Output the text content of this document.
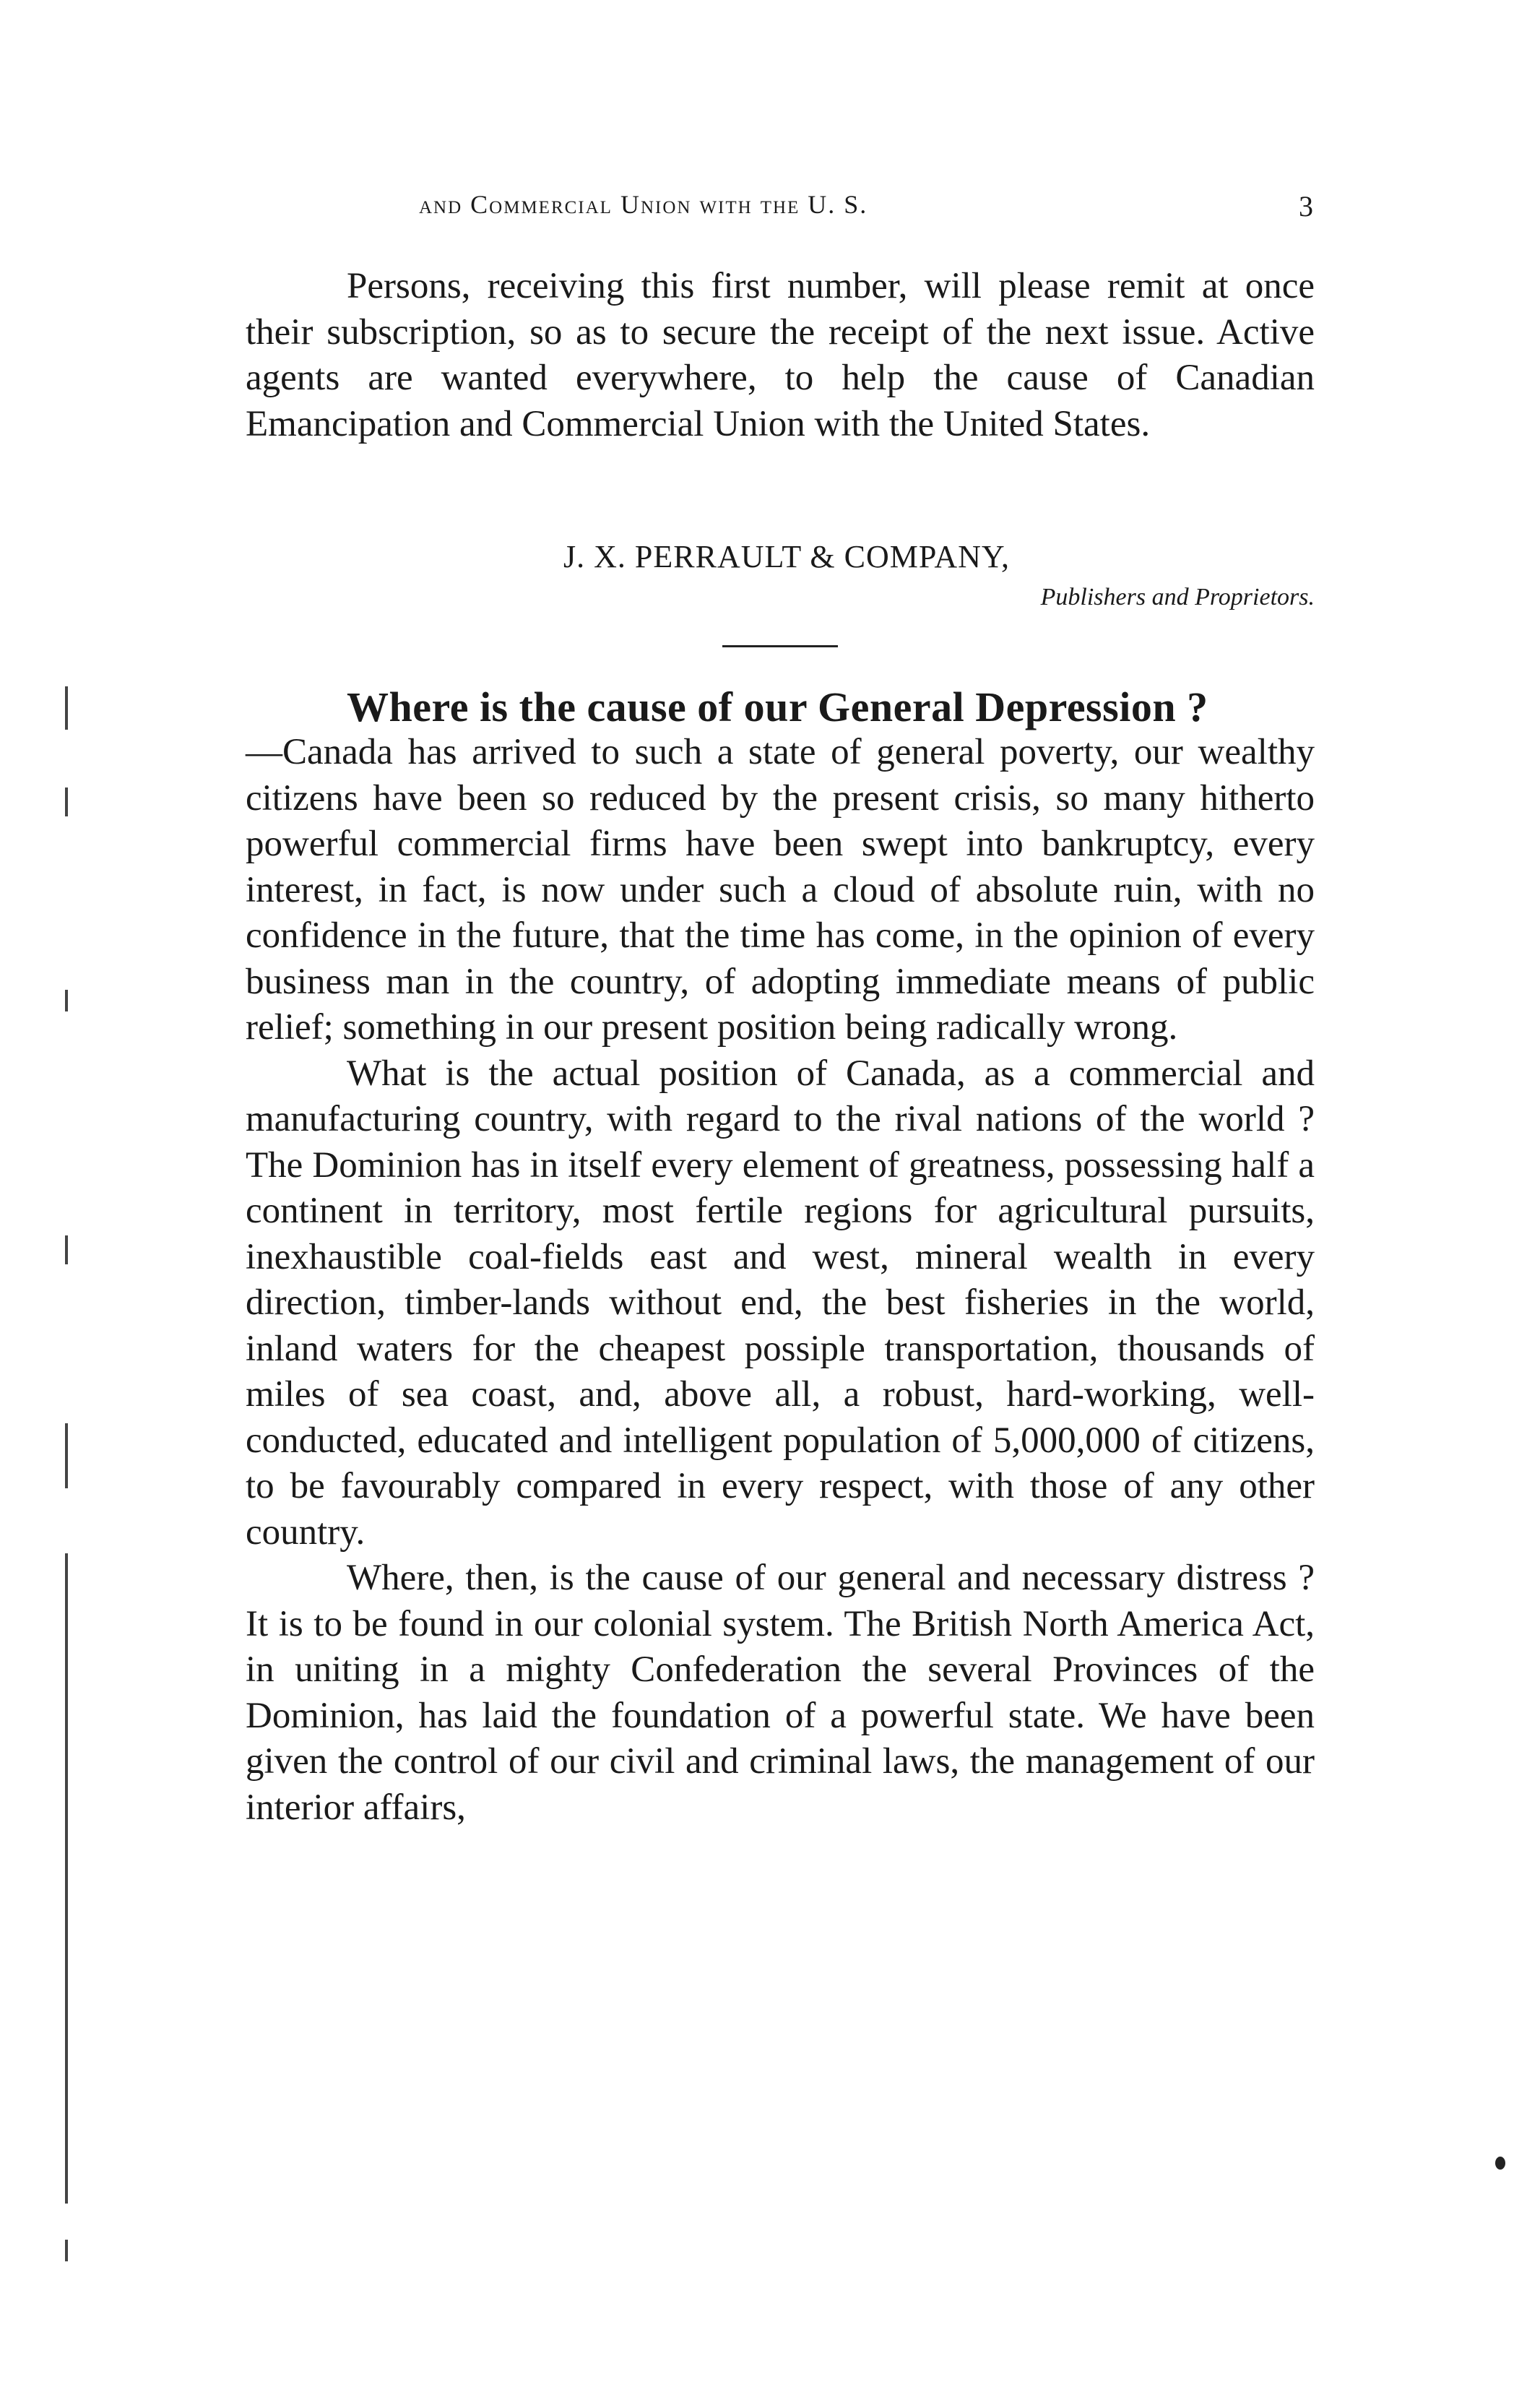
and Commercial Union with the U. S.	3

Persons, receiving this first number, will please remit at once their subscription, so as to secure the receipt of the next issue. Active agents are wanted everywhere, to help the cause of Canadian Emancipation and Commercial Union with the United States.

J. X. PERRAULT & COMPANY,
Publishers and Proprietors.
Where is the cause of our General Depression ?

—Canada has arrived to such a state of general poverty, our wealthy citizens have been so reduced by the present crisis, so many hitherto powerful commercial firms have been swept into bankruptcy, every interest, in fact, is now under such a cloud of absolute ruin, with no confidence in the future, that the time has come, in the opinion of every business man in the country, of adopting immediate means of public relief; something in our present position being radically wrong.

What is the actual position of Canada, as a commercial and manufacturing country, with regard to the rival nations of the world ? The Dominion has in itself every element of greatness, possessing half a continent in territory, most fertile regions for agricultural pursuits, inexhaustible coal-fields east and west, mineral wealth in every direction, timber-lands without end, the best fisheries in the world, inland waters for the cheapest possiple transportation, thousands of miles of sea coast, and, above all, a robust, hard-working, well-conducted, educated and intelligent population of 5,000,000 of citizens, to be favourably compared in every respect, with those of any other country.

Where, then, is the cause of our general and necessary distress ? It is to be found in our colonial system. The British North America Act, in uniting in a mighty Confederation the several Provinces of the Dominion, has laid the foundation of a powerful state. We have been given the control of our civil and criminal laws, the management of our interior affairs,
